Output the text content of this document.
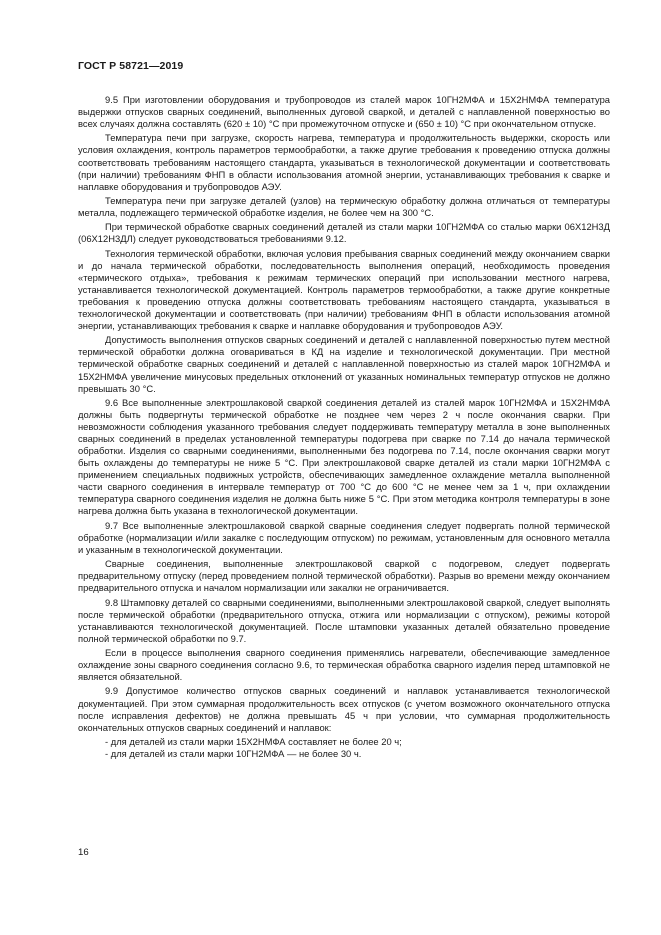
ГОСТ Р 58721—2019

9.5 При изготовлении оборудования и трубопроводов из сталей марок 10ГН2МФА и 15Х2НМФА температура выдержки отпусков сварных соединений, выполненных дуговой сваркой, и деталей с наплавленной поверхностью во всех случаях должна составлять (620 ± 10) °С при промежуточном отпуске и (650 ± 10) °С при окончательном отпуске.

Температура печи при загрузке, скорость нагрева, температура и продолжительность выдержки, скорость или условия охлаждения, контроль параметров термообработки, а также другие требования к проведению отпуска должны соответствовать требованиям настоящего стандарта, указываться в технологической документации и соответствовать (при наличии) требованиям ФНП в области использования атомной энергии, устанавливающих требования к сварке и наплавке оборудования и трубопроводов АЭУ.

Температура печи при загрузке деталей (узлов) на термическую обработку должна отличаться от температуры металла, подлежащего термической обработке изделия, не более чем на 300 °С.

При термической обработке сварных соединений деталей из стали марки 10ГН2МФА со сталью марки 06Х12Н3Д (06Х12Н3ДЛ) следует руководствоваться требованиями 9.12.

Технология термической обработки, включая условия пребывания сварных соединений между окончанием сварки и до начала термической обработки, последовательность выполнения операций, необходимость проведения «термического отдыха», требования к режимам термических операций при использовании местного нагрева, устанавливается технологической документацией. Контроль параметров термообработки, а также другие конкретные требования к проведению отпуска должны соответствовать требованиям настоящего стандарта, указываться в технологической документации и соответствовать (при наличии) требованиям ФНП в области использования атомной энергии, устанавливающих требования к сварке и наплавке оборудования и трубопроводов АЭУ.

Допустимость выполнения отпусков сварных соединений и деталей с наплавленной поверхностью путем местной термической обработки должна оговариваться в КД на изделие и технологической документации. При местной термической обработке сварных соединений и деталей с наплавленной поверхностью из сталей марок 10ГН2МФА и 15Х2НМФА увеличение минусовых предельных отклонений от указанных номинальных температур отпусков не должно превышать 30 °С.

9.6 Все выполненные электрошлаковой сваркой соединения деталей из сталей марок 10ГН2МФА и 15Х2НМФА должны быть подвергнуты термической обработке не позднее чем через 2 ч после окончания сварки. При невозможности соблюдения указанного требования следует поддерживать температуру металла в зоне выполненных сварных соединений в пределах установленной температуры подогрева при сварке по 7.14 до начала термической обработки. Изделия со сварными соединениями, выполненными без подогрева по 7.14, после окончания сварки могут быть охлаждены до температуры не ниже 5 °С. При электрошлаковой сварке деталей из стали марки 10ГН2МФА с применением специальных подвижных устройств, обеспечивающих замедленное охлаждение металла выполненной части сварного соединения в интервале температур от 700 °С до 600 °С не менее чем за 1 ч, при охлаждении температура сварного соединения изделия не должна быть ниже 5 °С. При этом методика контроля температуры в зоне нагрева должна быть указана в технологической документации.

9.7 Все выполненные электрошлаковой сваркой сварные соединения следует подвергать полной термической обработке (нормализации и/или закалке с последующим отпуском) по режимам, установленным для основного металла и указанным в технологической документации.

Сварные соединения, выполненные электрошлаковой сваркой с подогревом, следует подвергать предварительному отпуску (перед проведением полной термической обработки). Разрыв во времени между окончанием предварительного отпуска и началом нормализации или закалки не ограничивается.

9.8 Штамповку деталей со сварными соединениями, выполненными электрошлаковой сваркой, следует выполнять после термической обработки (предварительного отпуска, отжига или нормализации с отпуском), режимы которой устанавливаются технологической документацией. После штамповки указанных деталей обязательно проведение полной термической обработки по 9.7.

Если в процессе выполнения сварного соединения применялись нагреватели, обеспечивающие замедленное охлаждение зоны сварного соединения согласно 9.6, то термическая обработка сварного изделия перед штамповкой не является обязательной.

9.9 Допустимое количество отпусков сварных соединений и наплавок устанавливается технологической документацией. При этом суммарная продолжительность всех отпусков (с учетом возможного окончательного отпуска после исправления дефектов) не должна превышать 45 ч при условии, что суммарная продолжительность окончательных отпусков сварных соединений и наплавок:

- для деталей из стали марки 15Х2НМФА составляет не более 20 ч;

- для деталей из стали марки 10ГН2МФА — не более 30 ч.

16
